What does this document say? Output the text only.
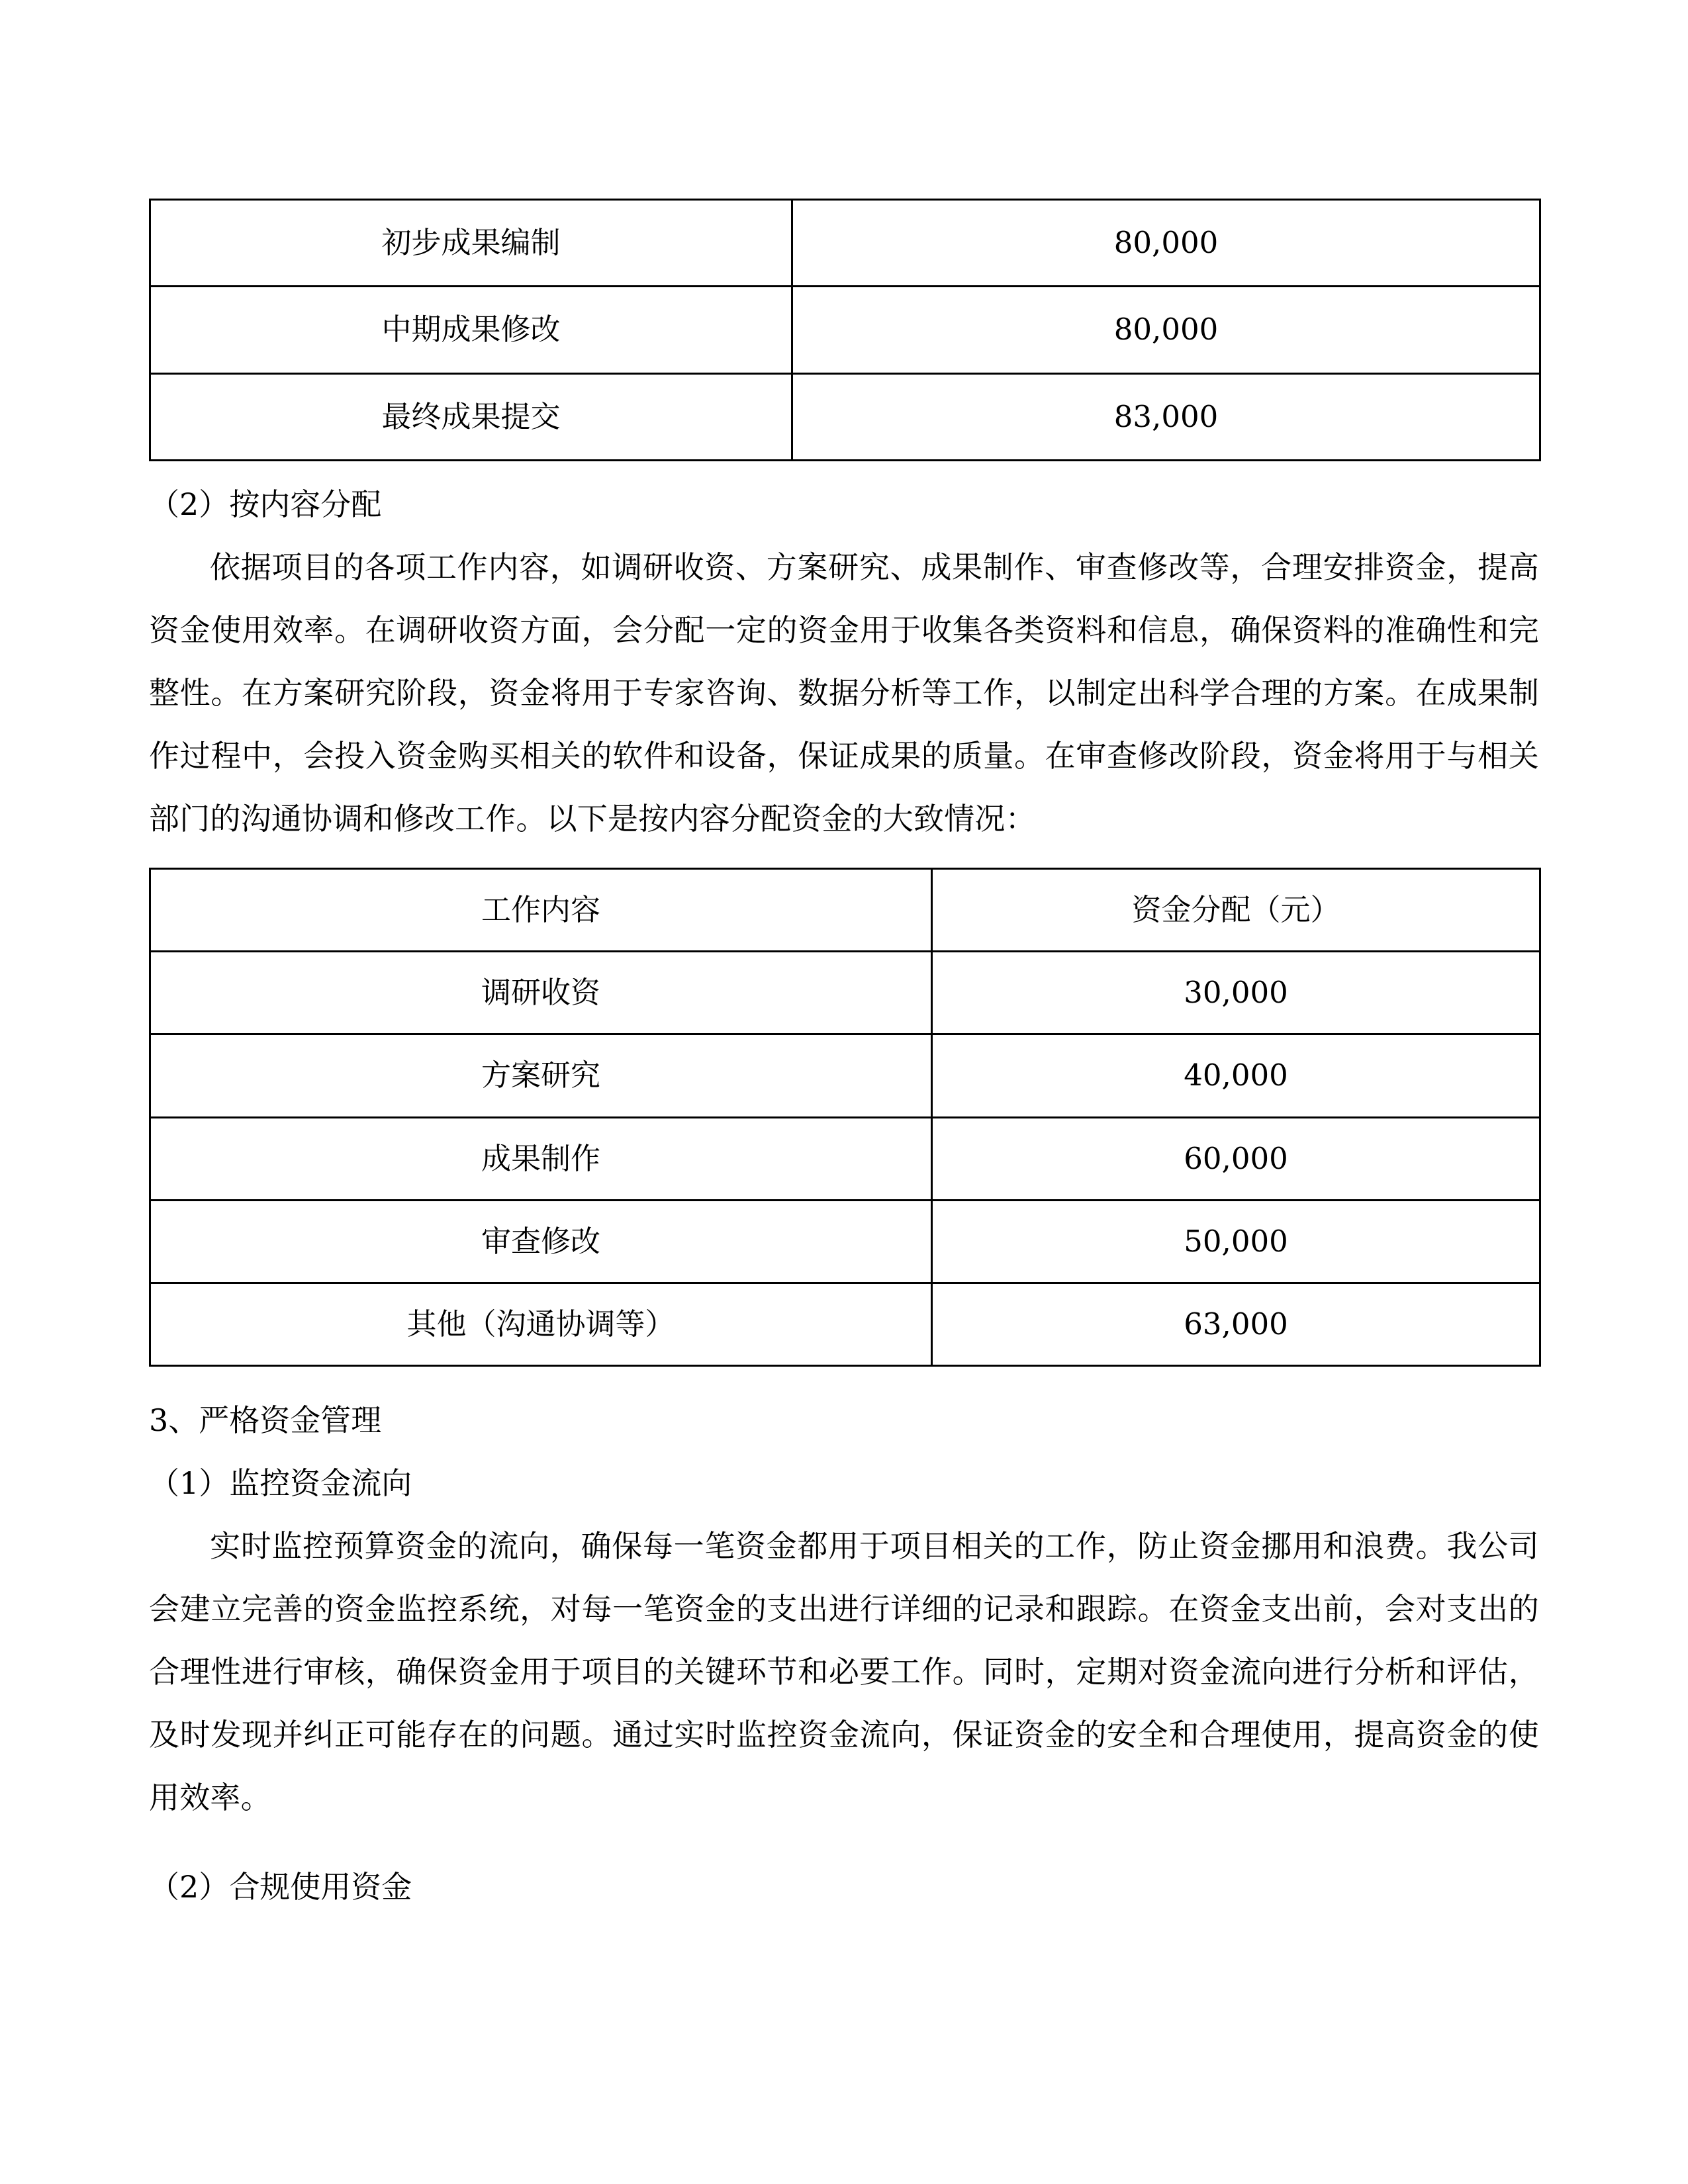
初步成果编制	80,000

中期成果修改	80,000

最终成果提交	83,000

（2）按内容分配

依据项目的各项工作内容，如调研收资、方案研究、成果制作、审查修改等，合理安排资金，提高资金使用效率。在调研收资方面，会分配一定的资金用于收集各类资料和信息，确保资料的准确性和完整性。在方案研究阶段，资金将用于专家咨询、数据分析等工作，以制定出科学合理的方案。在成果制作过程中，会投入资金购买相关的软件和设备，保证成果的质量。在审查修改阶段，资金将用于与相关部门的沟通协调和修改工作。以下是按内容分配资金的大致情况：

工作内容	资金分配（元）

调研收资	30,000

方案研究	40,000

成果制作	60,000

审查修改	50,000

其他（沟通协调等）	63,000

3、严格资金管理

（1）监控资金流向

实时监控预算资金的流向，确保每一笔资金都用于项目相关的工作，防止资金挪用和浪费。我公司会建立完善的资金监控系统，对每一笔资金的支出进行详细的记录和跟踪。在资金支出前，会对支出的合理性进行审核，确保资金用于项目的关键环节和必要工作。同时，定期对资金流向进行分析和评估，及时发现并纠正可能存在的问题。通过实时监控资金流向，保证资金的安全和合理使用，提高资金的使用效率。

（2）合规使用资金
